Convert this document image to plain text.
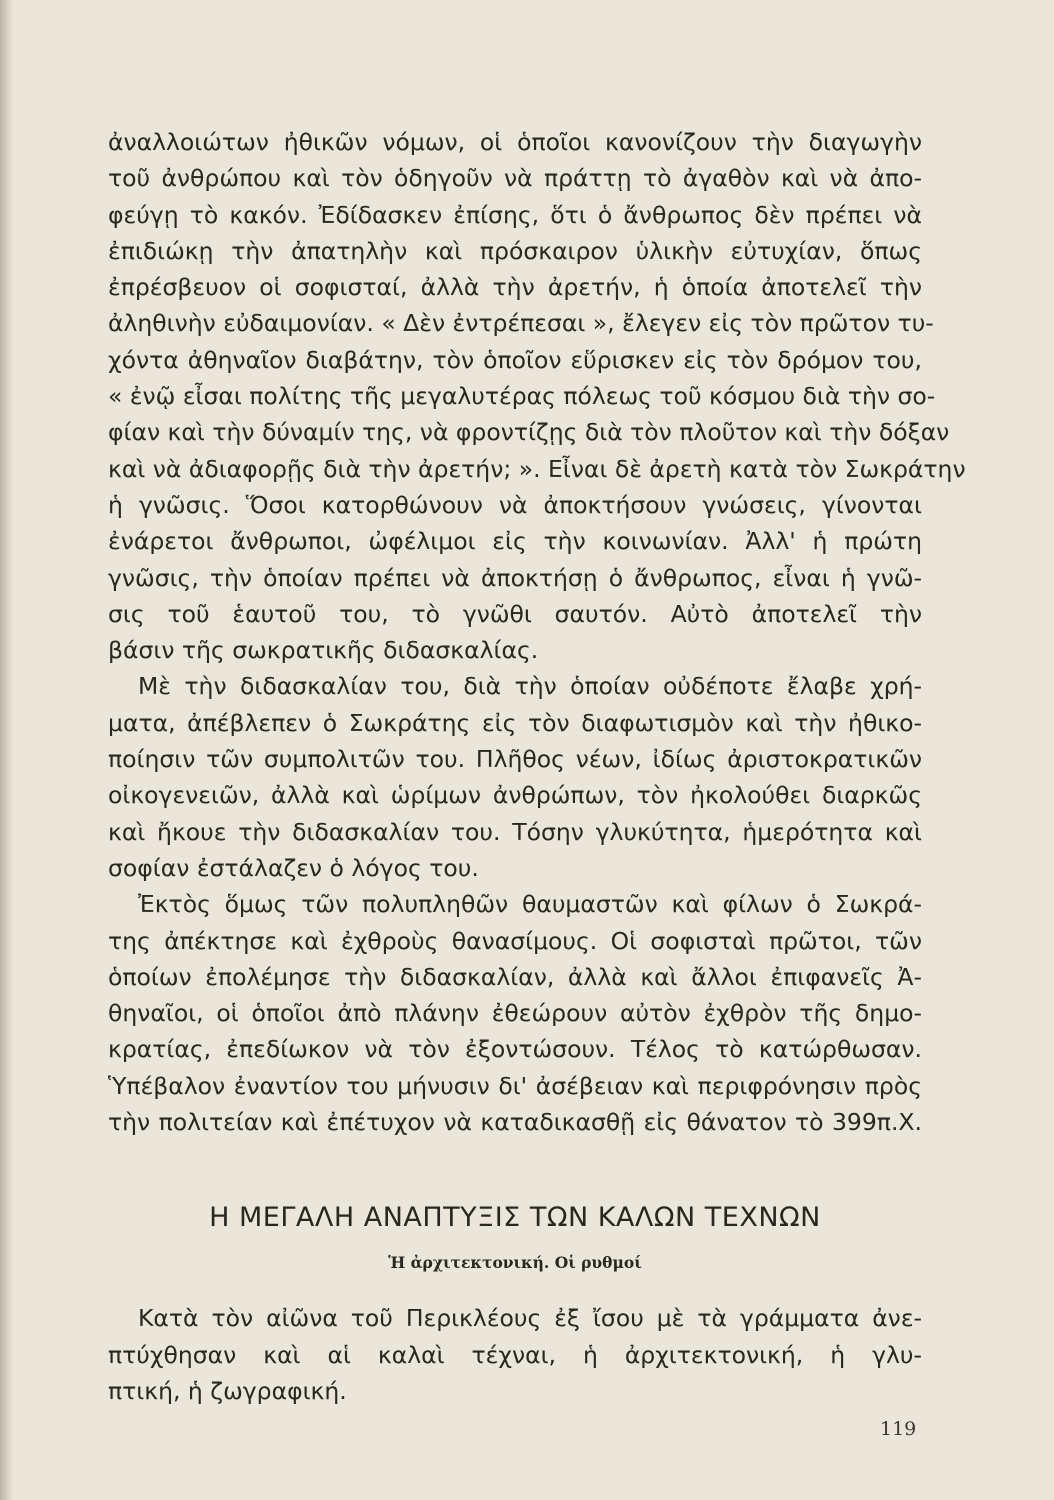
ἀναλλοιώτων ἠθικῶν νόμων, οἱ ὁποῖοι κανονίζουν τὴν διαγωγὴν
τοῦ ἀνθρώπου καὶ τὸν ὁδηγοῦν νὰ πράττῃ τὸ ἀγαθὸν καὶ νὰ ἀπο-
φεύγῃ τὸ κακόν. Ἐδίδασκεν ἐπίσης, ὅτι ὁ ἄνθρωπος δὲν πρέπει νὰ
ἐπιδιώκῃ τὴν ἀπατηλὴν καὶ πρόσκαιρον ὑλικὴν εὐτυχίαν, ὅπως
ἐπρέσβευον οἱ σοφισταί, ἀλλὰ τὴν ἀρετήν, ἡ ὁποία ἀποτελεῖ τὴν
ἀληθινὴν εὐδαιμονίαν. « Δὲν ἐντρέπεσαι », ἔλεγεν εἰς τὸν πρῶτον τυ-
χόντα ἀθηναῖον διαβάτην, τὸν ὁποῖον εὕρισκεν εἰς τὸν δρόμον του,
« ἐνῷ εἶσαι πολίτης τῆς μεγαλυτέρας πόλεως τοῦ κόσμου διὰ τὴν σο-
φίαν καὶ τὴν δύναμίν της, νὰ φροντίζῃς διὰ τὸν πλοῦτον καὶ τὴν δόξαν
καὶ νὰ ἀδιαφορῇς διὰ τὴν ἀρετήν; ». Εἶναι δὲ ἀρετὴ κατὰ τὸν Σωκράτην
ἡ γνῶσις. Ὅσοι κατορθώνουν νὰ ἀποκτήσουν γνώσεις, γίνονται
ἐνάρετοι ἄνθρωποι, ὠφέλιμοι εἰς τὴν κοινωνίαν. Ἀλλ' ἡ πρώτη
γνῶσις, τὴν ὁποίαν πρέπει νὰ ἀποκτήσῃ ὁ ἄνθρωπος, εἶναι ἡ γνῶ-
σις τοῦ ἑαυτοῦ του, τὸ γνῶθι σαυτόν. Αὐτὸ ἀποτελεῖ τὴν
βάσιν τῆς σωκρατικῆς διδασκαλίας.
Μὲ τὴν διδασκαλίαν του, διὰ τὴν ὁποίαν οὐδέποτε ἔλαβε χρή-
ματα, ἀπέβλεπεν ὁ Σωκράτης εἰς τὸν διαφωτισμὸν καὶ τὴν ἠθικο-
ποίησιν τῶν συμπολιτῶν του. Πλῆθος νέων, ἰδίως ἀριστοκρατικῶν
οἰκογενειῶν, ἀλλὰ καὶ ὡρίμων ἀνθρώπων, τὸν ἠκολούθει διαρκῶς
καὶ ἤκουε τὴν διδασκαλίαν του. Τόσην γλυκύτητα, ἡμερότητα καὶ
σοφίαν ἐστάλαζεν ὁ λόγος του.
Ἐκτὸς ὅμως τῶν πολυπληθῶν θαυμαστῶν καὶ φίλων ὁ Σωκρά-
της ἀπέκτησε καὶ ἐχθροὺς θανασίμους. Οἱ σοφισταὶ πρῶτοι, τῶν
ὁποίων ἐπολέμησε τὴν διδασκαλίαν, ἀλλὰ καὶ ἄλλοι ἐπιφανεῖς Ἀ-
θηναῖοι, οἱ ὁποῖοι ἀπὸ πλάνην ἐθεώρουν αὐτὸν ἐχθρὸν τῆς δημο-
κρατίας, ἐπεδίωκον νὰ τὸν ἐξοντώσουν. Τέλος τὸ κατώρθωσαν.
Ὑπέβαλον ἐναντίον του μήνυσιν δι' ἀσέβειαν καὶ περιφρόνησιν πρὸς
τὴν πολιτείαν καὶ ἐπέτυχον νὰ καταδικασθῇ εἰς θάνατον τὸ 399π.Χ.
Η ΜΕΓΑΛΗ ΑΝΑΠΤΥΞΙΣ ΤΩΝ ΚΑΛΩΝ ΤΕΧΝΩΝ
Ἡ ἀρχιτεκτονική. Οἱ ρυθμοί
Κατὰ τὸν αἰῶνα τοῦ Περικλέους ἐξ ἴσου μὲ τὰ γράμματα ἀνε-
πτύχθησαν καὶ αἱ καλαὶ τέχναι, ἡ ἀρχιτεκτονική, ἡ γλυ-
πτική, ἡ ζωγραφική.
119
